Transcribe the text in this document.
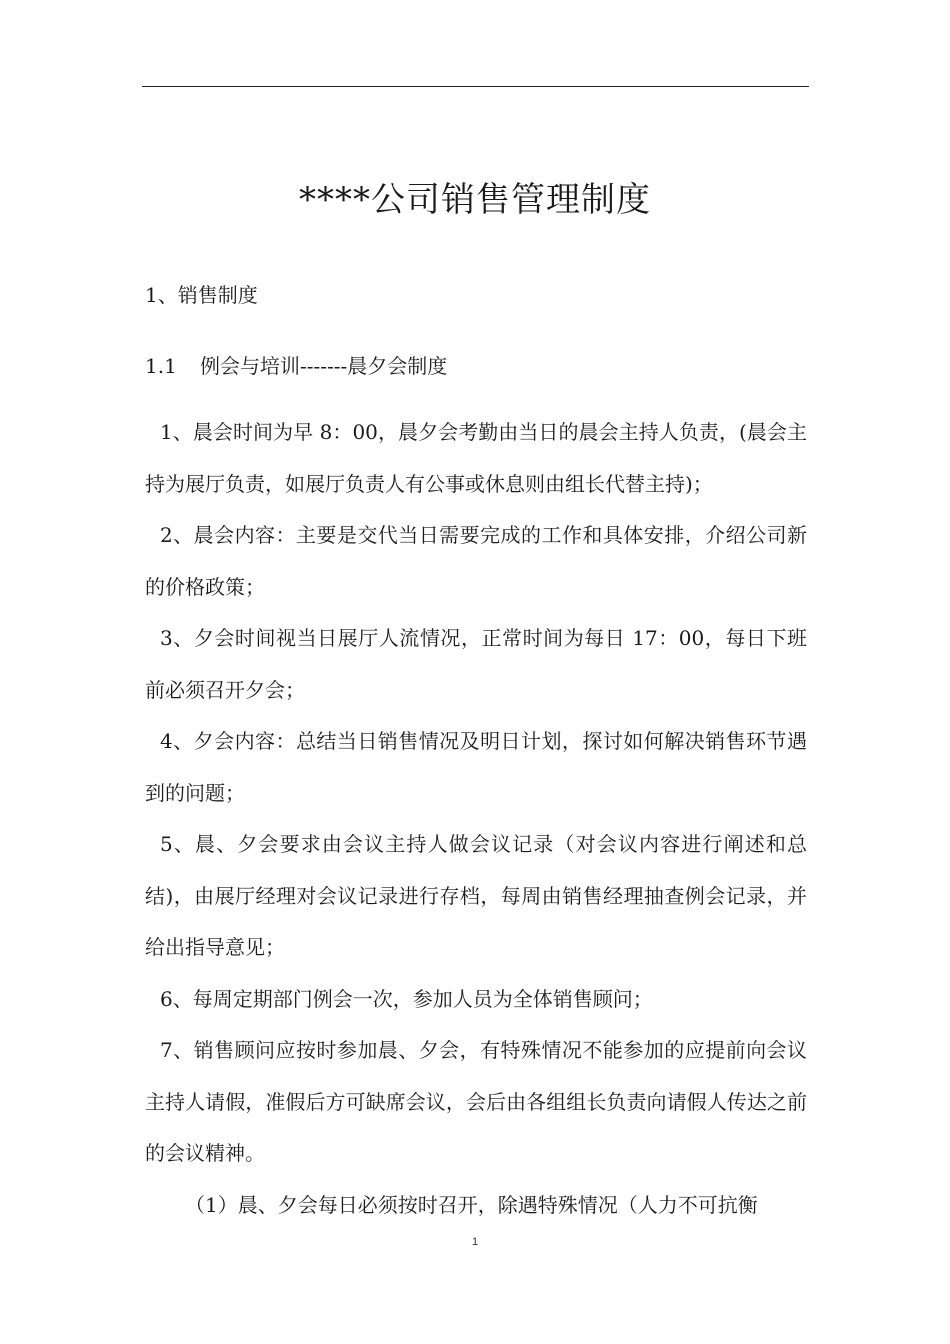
****公司销售管理制度
1、销售制度
1.1 例会与培训-------晨夕会制度

1、晨会时间为早 8：00，晨夕会考勤由当日的晨会主持人负责，(晨会主持为展厅负责，如展厅负责人有公事或休息则由组长代替主持)；

2、晨会内容：主要是交代当日需要完成的工作和具体安排，介绍公司新的价格政策；

3、夕会时间视当日展厅人流情况，正常时间为每日 17：00，每日下班前必须召开夕会；

4、夕会内容：总结当日销售情况及明日计划，探讨如何解决销售环节遇到的问题；

5、晨、夕会要求由会议主持人做会议记录（对会议内容进行阐述和总结)，由展厅经理对会议记录进行存档，每周由销售经理抽查例会记录，并给出指导意见；

6、每周定期部门例会一次，参加人员为全体销售顾问；

7、销售顾问应按时参加晨、夕会，有特殊情况不能参加的应提前向会议主持人请假，准假后方可缺席会议，会后由各组组长负责向请假人传达之前的会议精神。

（1）晨、夕会每日必须按时召开，除遇特殊情况（人力不可抗衡

1
